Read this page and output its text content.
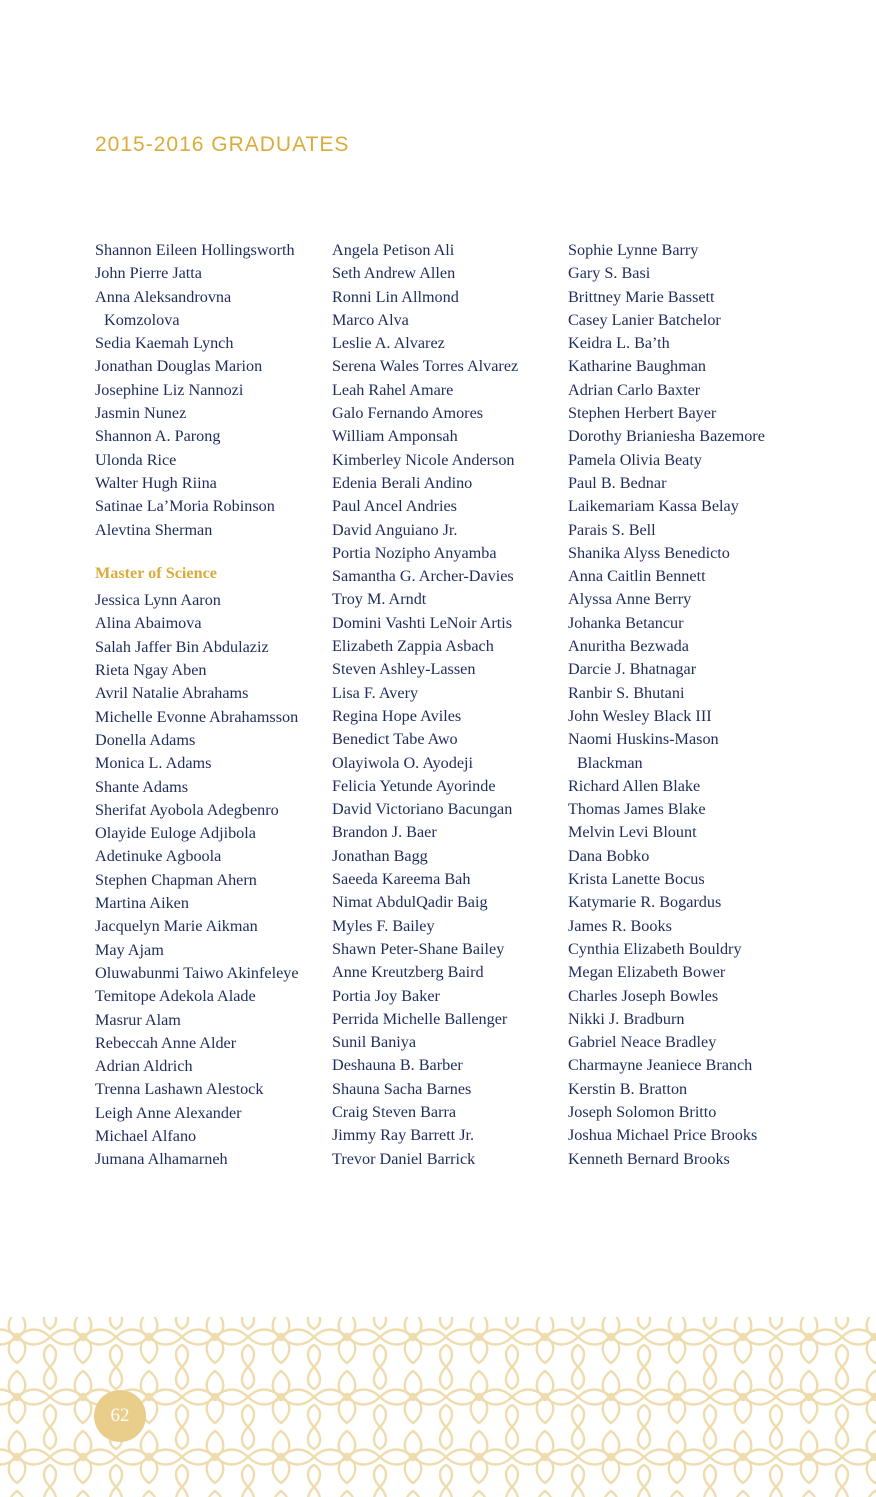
2015-2016 GRADUATES
Shannon Eileen Hollingsworth
John Pierre Jatta
Anna Aleksandrovna
Komzolova
Sedia Kaemah Lynch
Jonathan Douglas Marion
Josephine Liz Nannozi
Jasmin Nunez
Shannon A. Parong
Ulonda Rice
Walter Hugh Riina
Satinae La’Moria Robinson
Alevtina Sherman
Master of Science
Jessica Lynn Aaron
Alina Abaimova
Salah Jaffer Bin Abdulaziz
Rieta Ngay Aben
Avril Natalie Abrahams
Michelle Evonne Abrahamsson
Donella Adams
Monica L. Adams
Shante Adams
Sherifat Ayobola Adegbenro
Olayide Euloge Adjibola
Adetinuke Agboola
Stephen Chapman Ahern
Martina Aiken
Jacquelyn Marie Aikman
May Ajam
Oluwabunmi Taiwo Akinfeleye
Temitope Adekola Alade
Masrur Alam
Rebeccah Anne Alder
Adrian Aldrich
Trenna Lashawn Alestock
Leigh Anne Alexander
Michael Alfano
Jumana Alhamarneh
Angela Petison Ali
Seth Andrew Allen
Ronni Lin Allmond
Marco Alva
Leslie A. Alvarez
Serena Wales Torres Alvarez
Leah Rahel Amare
Galo Fernando Amores
William Amponsah
Kimberley Nicole Anderson
Edenia Berali Andino
Paul Ancel Andries
David Anguiano Jr.
Portia Nozipho Anyamba
Samantha G. Archer-Davies
Troy M. Arndt
Domini Vashti LeNoir Artis
Elizabeth Zappia Asbach
Steven Ashley-Lassen
Lisa F. Avery
Regina Hope Aviles
Benedict Tabe Awo
Olayiwola O. Ayodeji
Felicia Yetunde Ayorinde
David Victoriano Bacungan
Brandon J. Baer
Jonathan Bagg
Saeeda Kareema Bah
Nimat AbdulQadir Baig
Myles F. Bailey
Shawn Peter-Shane Bailey
Anne Kreutzberg Baird
Portia Joy Baker
Perrida Michelle Ballenger
Sunil Baniya
Deshauna B. Barber
Shauna Sacha Barnes
Craig Steven Barra
Jimmy Ray Barrett Jr.
Trevor Daniel Barrick
Sophie Lynne Barry
Gary S. Basi
Brittney Marie Bassett
Casey Lanier Batchelor
Keidra L. Ba’th
Katharine Baughman
Adrian Carlo Baxter
Stephen Herbert Bayer
Dorothy Brianiesha Bazemore
Pamela Olivia Beaty
Paul B. Bednar
Laikemariam Kassa Belay
Parais S. Bell
Shanika Alyss Benedicto
Anna Caitlin Bennett
Alyssa Anne Berry
Johanka Betancur
Anuritha Bezwada
Darcie J. Bhatnagar
Ranbir S. Bhutani
John Wesley Black III
Naomi Huskins-Mason
Blackman
Richard Allen Blake
Thomas James Blake
Melvin Levi Blount
Dana Bobko
Krista Lanette Bocus
Katymarie R. Bogardus
James R. Books
Cynthia Elizabeth Bouldry
Megan Elizabeth Bower
Charles Joseph Bowles
Nikki J. Bradburn
Gabriel Neace Bradley
Charmayne Jeaniece Branch
Kerstin B. Bratton
Joseph Solomon Britto
Joshua Michael Price Brooks
Kenneth Bernard Brooks
62
